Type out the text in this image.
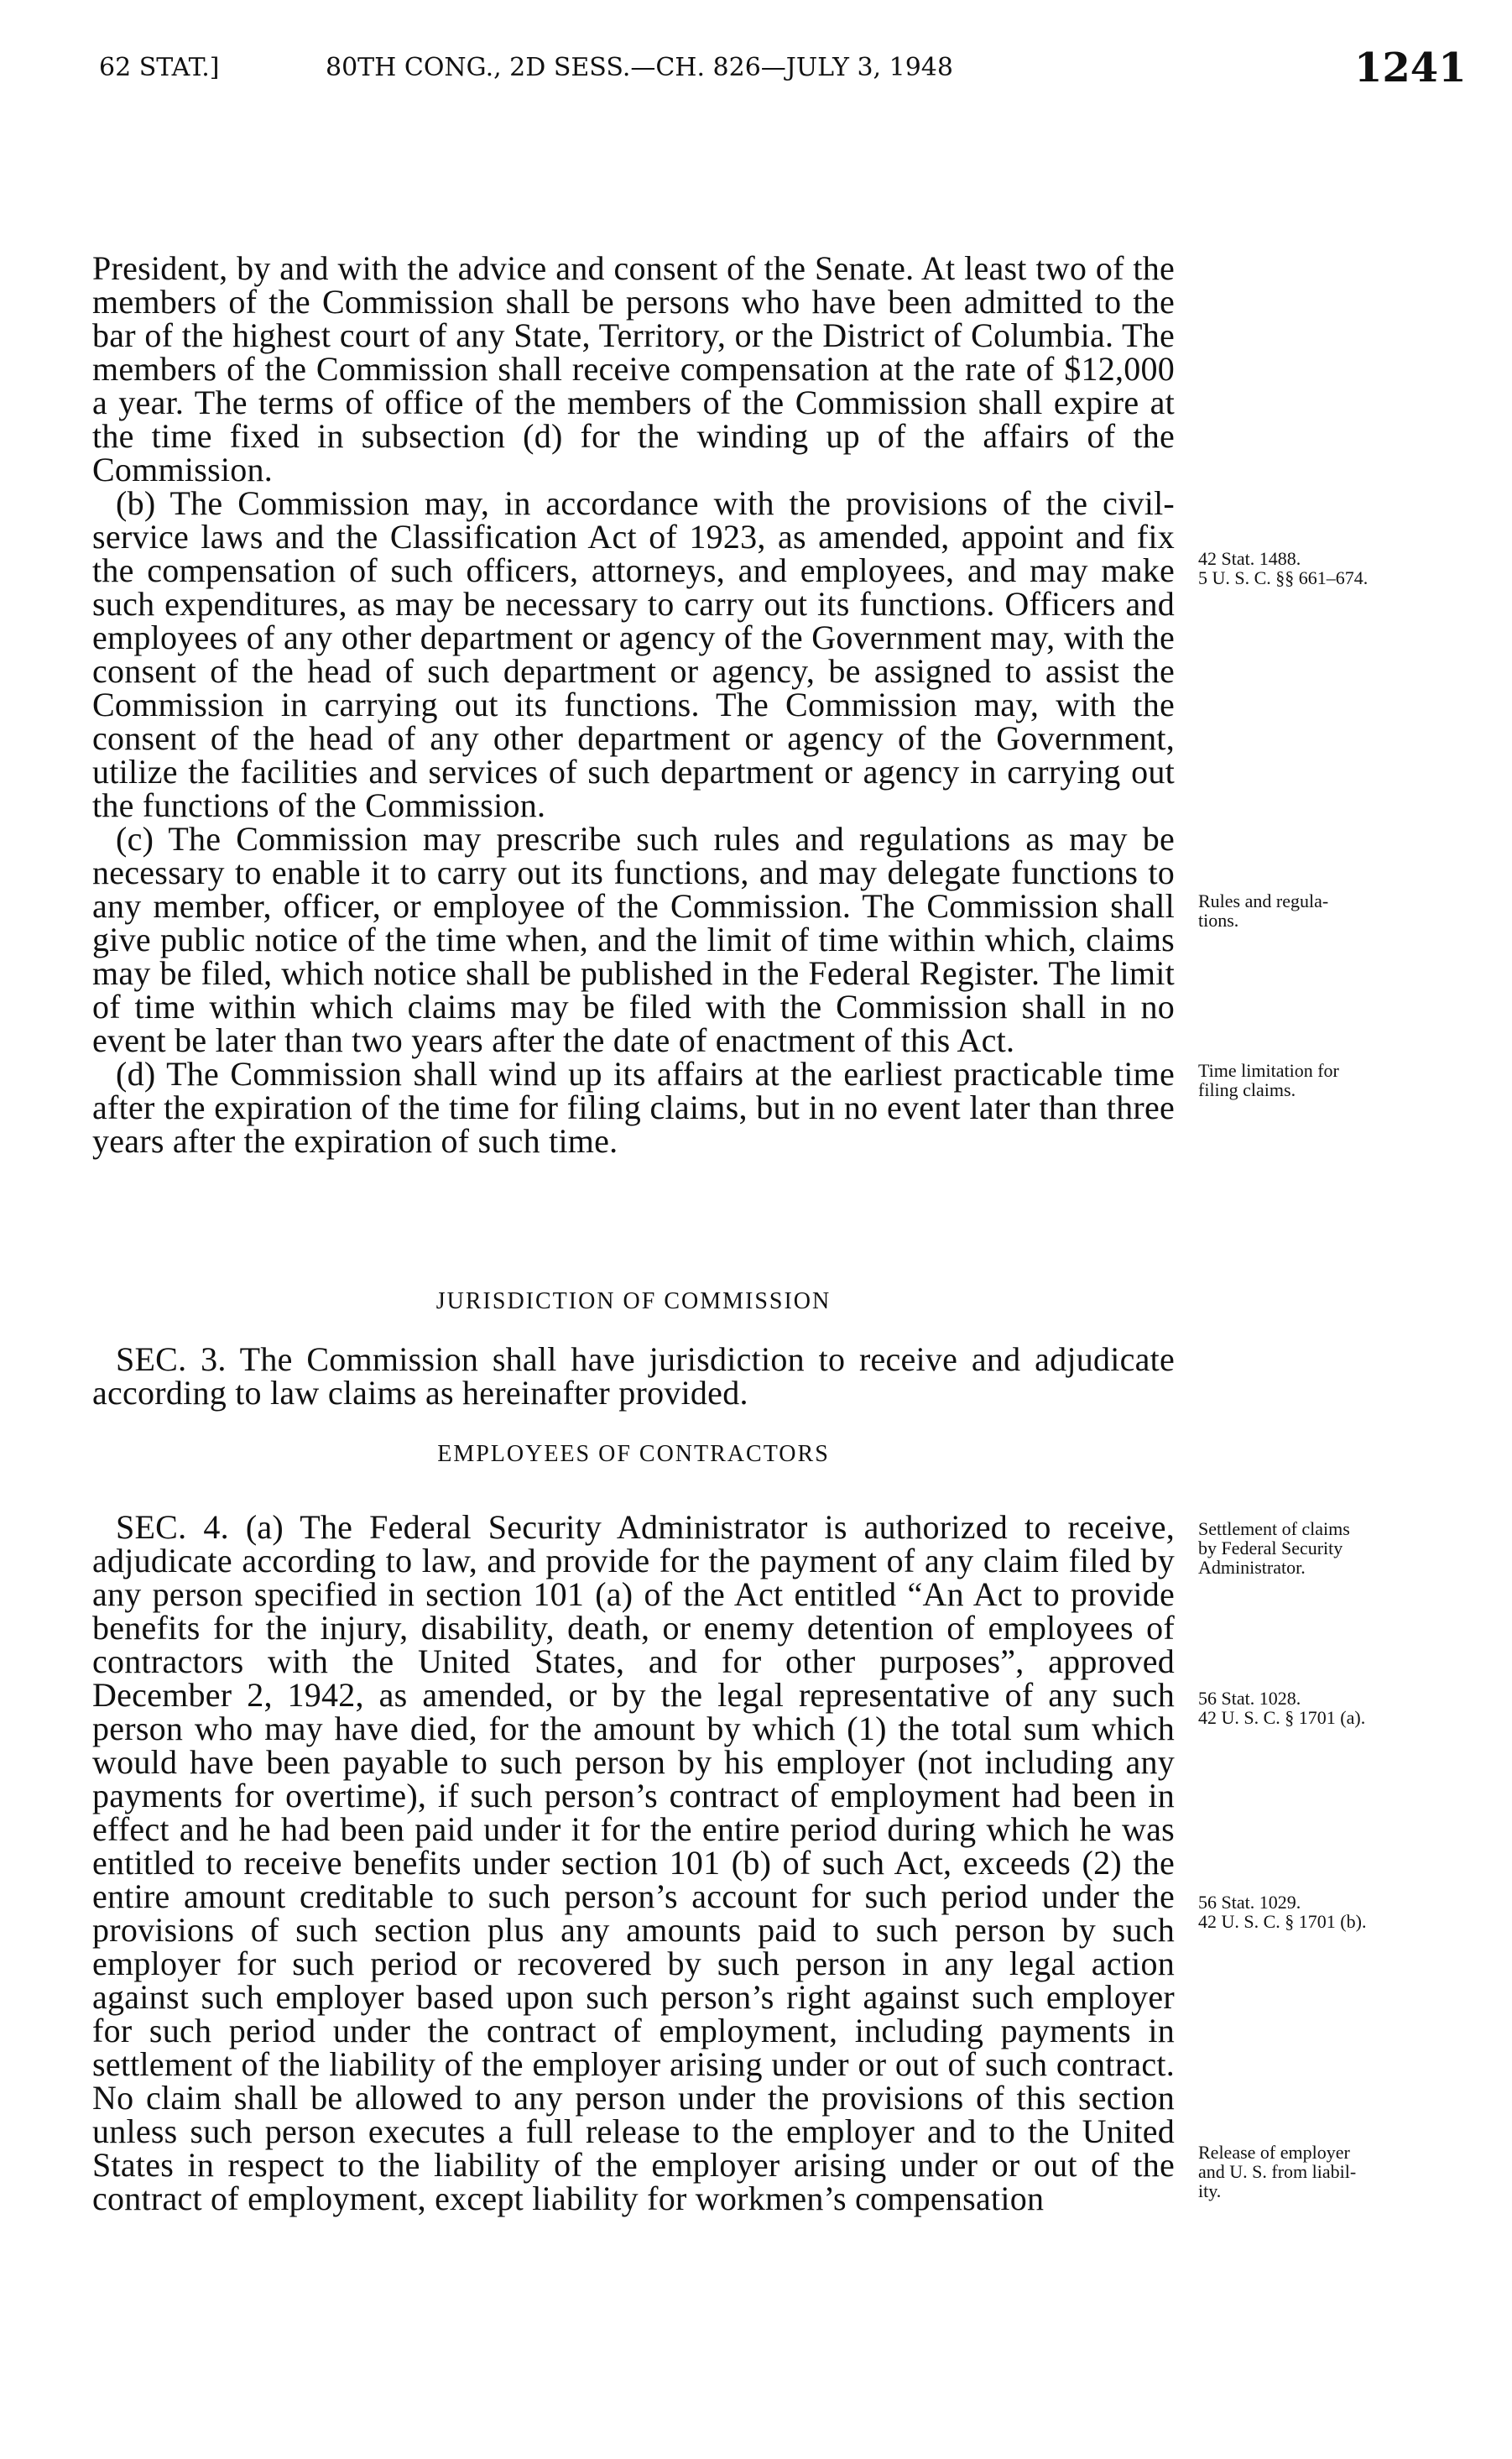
62 STAT.]	80TH CONG., 2D SESS.—CH. 826—JULY 3, 1948	1241

President, by and with the advice and consent of the Senate. At least two of the members of the Commission shall be persons who have been admitted to the bar of the highest court of any State, Territory, or the District of Columbia. The members of the Commission shall receive compensation at the rate of $12,000 a year. The terms of office of the members of the Commission shall expire at the time fixed in subsection (d) for the winding up of the affairs of the Commission.

(b) The Commission may, in accordance with the provisions of the civil-service laws and the Classification Act of 1923, as amended, appoint and fix the compensation of such officers, attorneys, and employees, and may make such expenditures, as may be necessary to carry out its functions. Officers and employees of any other department or agency of the Government may, with the consent of the head of such department or agency, be assigned to assist the Commission in carrying out its functions. The Commission may, with the consent of the head of any other department or agency of the Government, utilize the facilities and services of such department or agency in carrying out the functions of the Commission.

(c) The Commission may prescribe such rules and regulations as may be necessary to enable it to carry out its functions, and may delegate functions to any member, officer, or employee of the Commission. The Commission shall give public notice of the time when, and the limit of time within which, claims may be filed, which notice shall be published in the Federal Register. The limit of time within which claims may be filed with the Commission shall in no event be later than two years after the date of enactment of this Act.

(d) The Commission shall wind up its affairs at the earliest practicable time after the expiration of the time for filing claims, but in no event later than three years after the expiration of such time.

JURISDICTION OF COMMISSION

SEC. 3. The Commission shall have jurisdiction to receive and adjudicate according to law claims as hereinafter provided.

EMPLOYEES OF CONTRACTORS

SEC. 4. (a) The Federal Security Administrator is authorized to receive, adjudicate according to law, and provide for the payment of any claim filed by any person specified in section 101 (a) of the Act entitled “An Act to provide benefits for the injury, disability, death, or enemy detention of employees of contractors with the United States, and for other purposes”, approved December 2, 1942, as amended, or by the legal representative of any such person who may have died, for the amount by which (1) the total sum which would have been payable to such person by his employer (not including any payments for overtime), if such person’s contract of employment had been in effect and he had been paid under it for the entire period during which he was entitled to receive benefits under section 101 (b) of such Act, exceeds (2) the entire amount creditable to such person’s account for such period under the provisions of such section plus any amounts paid to such person by such employer for such period or recovered by such person in any legal action against such employer based upon such person’s right against such employer for such period under the contract of employment, including payments in settlement of the liability of the employer arising under or out of such contract. No claim shall be allowed to any person under the provisions of this section unless such person executes a full release to the employer and to the United States in respect to the liability of the employer arising under or out of the contract of employment, except liability for workmen’s compensation

42 Stat. 1488.
5 U. S. C. §§ 661–674.
Rules and regula-
tions.
Time limitation for
filing claims.
Settlement of claims
by Federal Security
Administrator.
56 Stat. 1028.
42 U. S. C. § 1701 (a).
56 Stat. 1029.
42 U. S. C. § 1701 (b).
Release of employer
and U. S. from liabil-
ity.
